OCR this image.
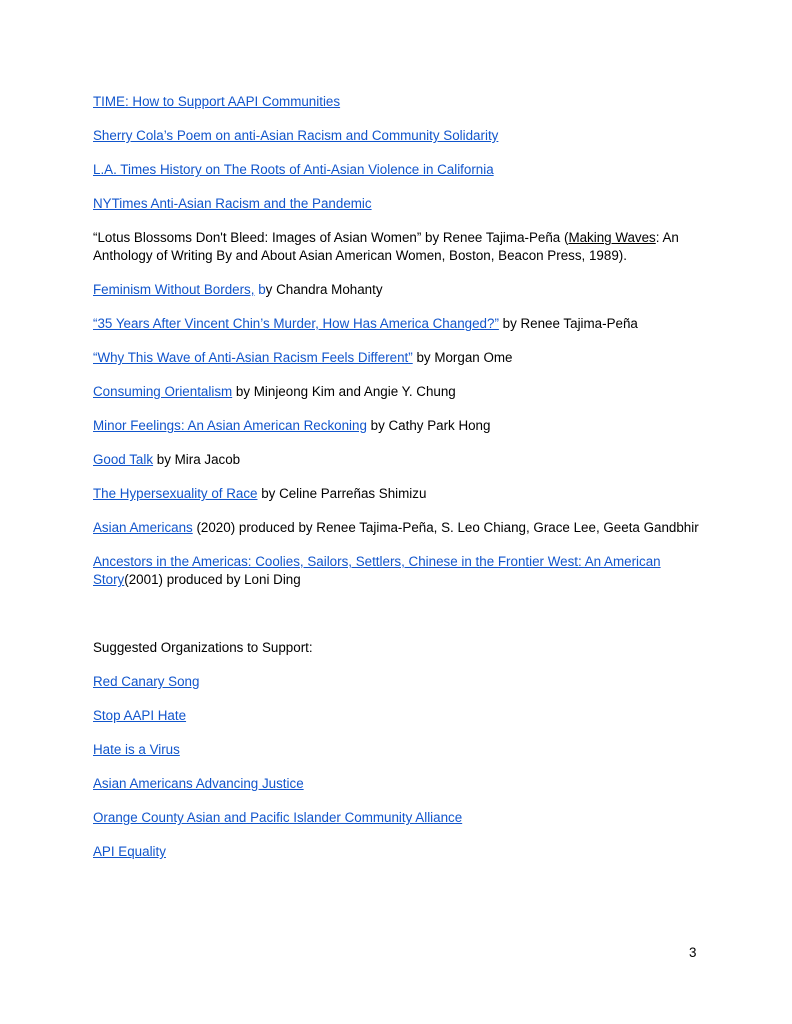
TIME: How to Support AAPI Communities

Sherry Cola’s Poem on anti-Asian Racism and Community Solidarity

L.A. Times History on The Roots of Anti-Asian Violence in California

NYTimes Anti-Asian Racism and the Pandemic

“Lotus Blossoms Don't Bleed: Images of Asian Women” by Renee Tajima-Peña (Making Waves: An Anthology of Writing By and About Asian American Women, Boston, Beacon Press, 1989).

Feminism Without Borders, by Chandra Mohanty

“35 Years After Vincent Chin’s Murder, How Has America Changed?” by Renee Tajima-Peña

“Why This Wave of Anti-Asian Racism Feels Different” by Morgan Ome

Consuming Orientalism by Minjeong Kim and Angie Y. Chung

Minor Feelings: An Asian American Reckoning by Cathy Park Hong

Good Talk by Mira Jacob

The Hypersexuality of Race by Celine Parreñas Shimizu

Asian Americans (2020) produced by Renee Tajima-Peña, S. Leo Chiang, Grace Lee, Geeta Gandbhir

Ancestors in the Americas: Coolies, Sailors, Settlers, Chinese in the Frontier West: An American Story(2001) produced by Loni Ding

Suggested Organizations to Support:

Red Canary Song

Stop AAPI Hate

Hate is a Virus

Asian Americans Advancing Justice

Orange County Asian and Pacific Islander Community Alliance

API Equality

3
